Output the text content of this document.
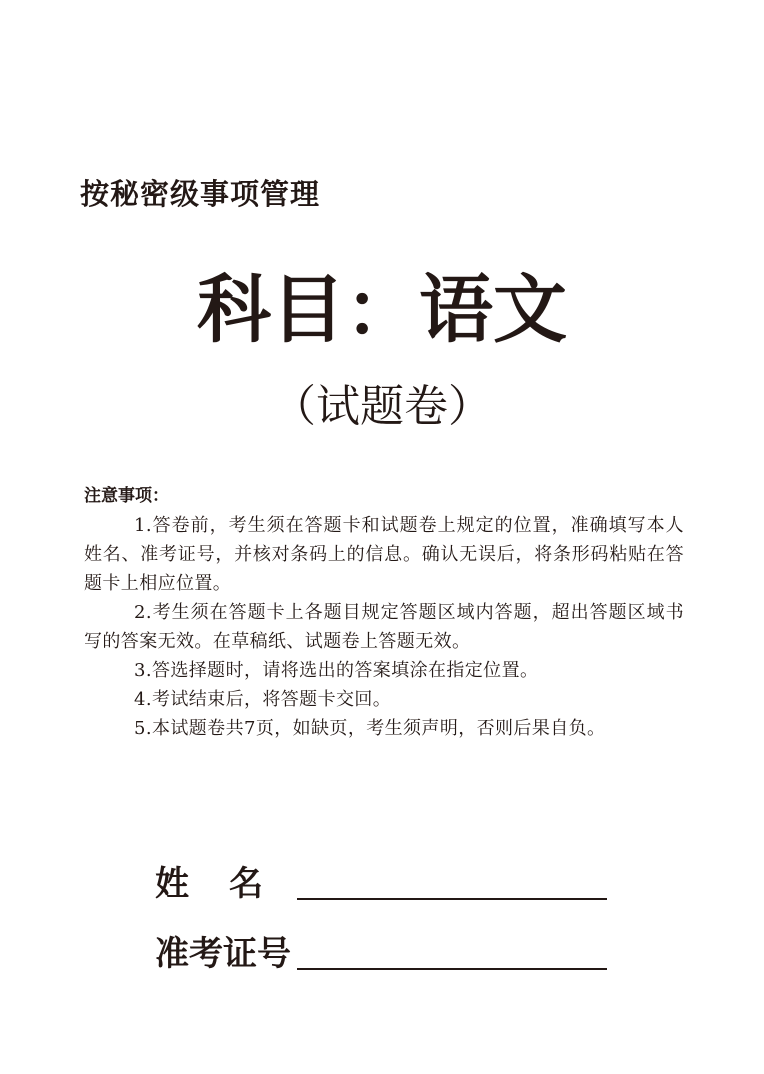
按秘密级事项管理
科目：语文
（试题卷）
注意事项：
1.答卷前，考生须在答题卡和试题卷上规定的位置，准确填写本人姓名、准考证号，并核对条码上的信息。确认无误后，将条形码粘贴在答题卡上相应位置。
2.考生须在答题卡上各题目规定答题区域内答题，超出答题区域书写的答案无效。在草稿纸、试题卷上答题无效。
3.答选择题时，请将选出的答案填涂在指定位置。
4.考试结束后，将答题卡交回。
5.本试题卷共7页，如缺页，考生须声明，否则后果自负。
姓名
准考证号
